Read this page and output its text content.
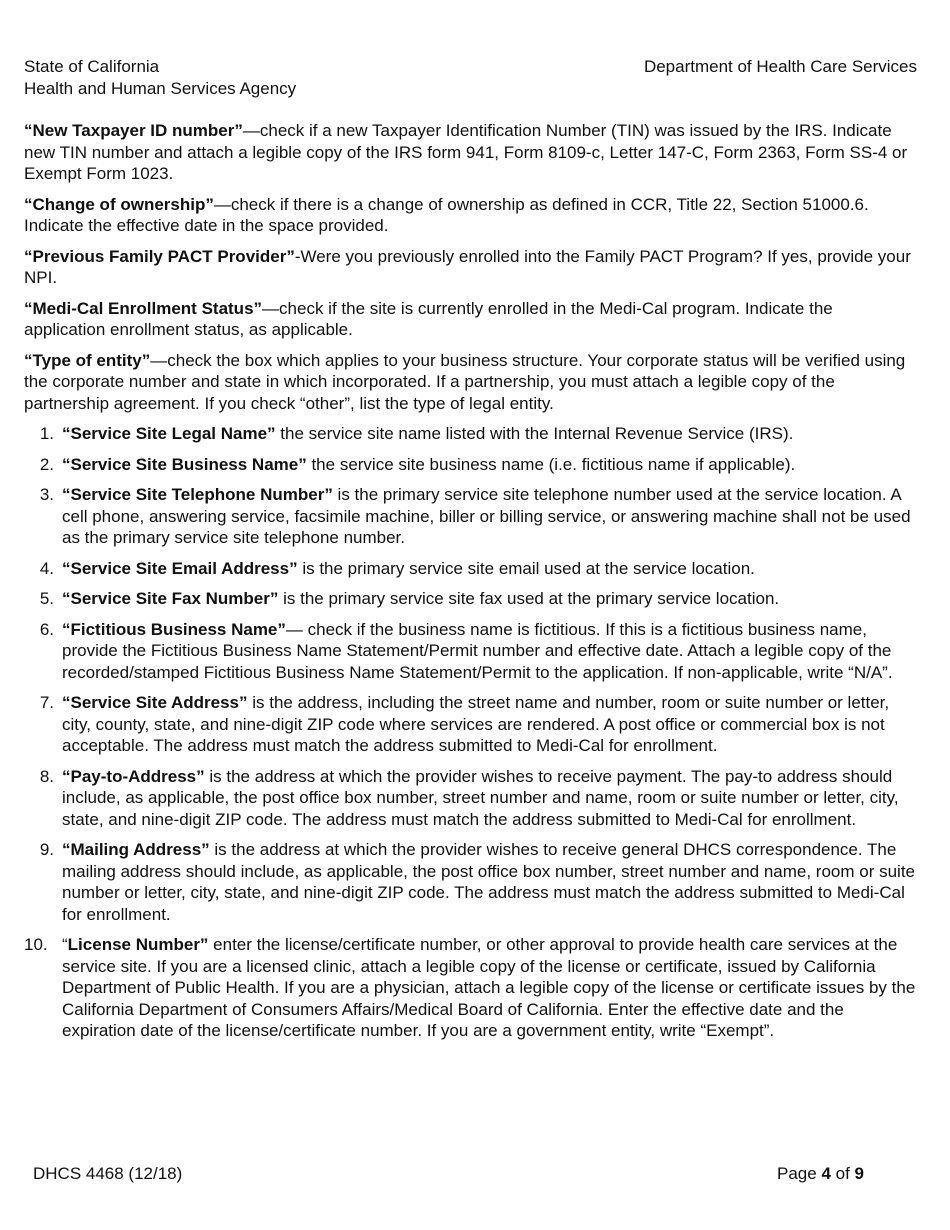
State of California
Health and Human Services Agency
Department of Health Care Services

“New Taxpayer ID number”—check if a new Taxpayer Identification Number (TIN) was issued by the IRS. Indicate new TIN number and attach a legible copy of the IRS form 941, Form 8109-c, Letter 147-C, Form 2363, Form SS-4 or Exempt Form 1023.

“Change of ownership”—check if there is a change of ownership as defined in CCR, Title 22, Section 51000.6. Indicate the effective date in the space provided.

“Previous Family PACT Provider”-Were you previously enrolled into the Family PACT Program? If yes, provide your NPI.

“Medi-Cal Enrollment Status”—check if the site is currently enrolled in the Medi-Cal program. Indicate the application enrollment status, as applicable.

“Type of entity”—check the box which applies to your business structure. Your corporate status will be verified using the corporate number and state in which incorporated. If a partnership, you must attach a legible copy of the partnership agreement. If you check “other”, list the type of legal entity.

1. “Service Site Legal Name” the service site name listed with the Internal Revenue Service (IRS).
2. “Service Site Business Name” the service site business name (i.e. fictitious name if applicable).
3. “Service Site Telephone Number” is the primary service site telephone number used at the service location. A cell phone, answering service, facsimile machine, biller or billing service, or answering machine shall not be used as the primary service site telephone number.
4. “Service Site Email Address” is the primary service site email used at the service location.
5. “Service Site Fax Number” is the primary service site fax used at the primary service location.
6. “Fictitious Business Name”— check if the business name is fictitious. If this is a fictitious business name, provide the Fictitious Business Name Statement/Permit number and effective date. Attach a legible copy of the recorded/stamped Fictitious Business Name Statement/Permit to the application. If non-applicable, write “N/A”.
7. “Service Site Address” is the address, including the street name and number, room or suite number or letter, city, county, state, and nine-digit ZIP code where services are rendered. A post office or commercial box is not acceptable. The address must match the address submitted to Medi-Cal for enrollment.
8. “Pay-to-Address” is the address at which the provider wishes to receive payment. The pay-to address should include, as applicable, the post office box number, street number and name, room or suite number or letter, city, state, and nine-digit ZIP code. The address must match the address submitted to Medi-Cal for enrollment.
9. “Mailing Address” is the address at which the provider wishes to receive general DHCS correspondence. The mailing address should include, as applicable, the post office box number, street number and name, room or suite number or letter, city, state, and nine-digit ZIP code. The address must match the address submitted to Medi-Cal for enrollment.
10. “License Number” enter the license/certificate number, or other approval to provide health care services at the service site. If you are a licensed clinic, attach a legible copy of the license or certificate, issued by California Department of Public Health. If you are a physician, attach a legible copy of the license or certificate issues by the California Department of Consumers Affairs/Medical Board of California. Enter the effective date and the expiration date of the license/certificate number. If you are a government entity, write “Exempt”.
DHCS 4468 (12/18)	Page 4 of 9
